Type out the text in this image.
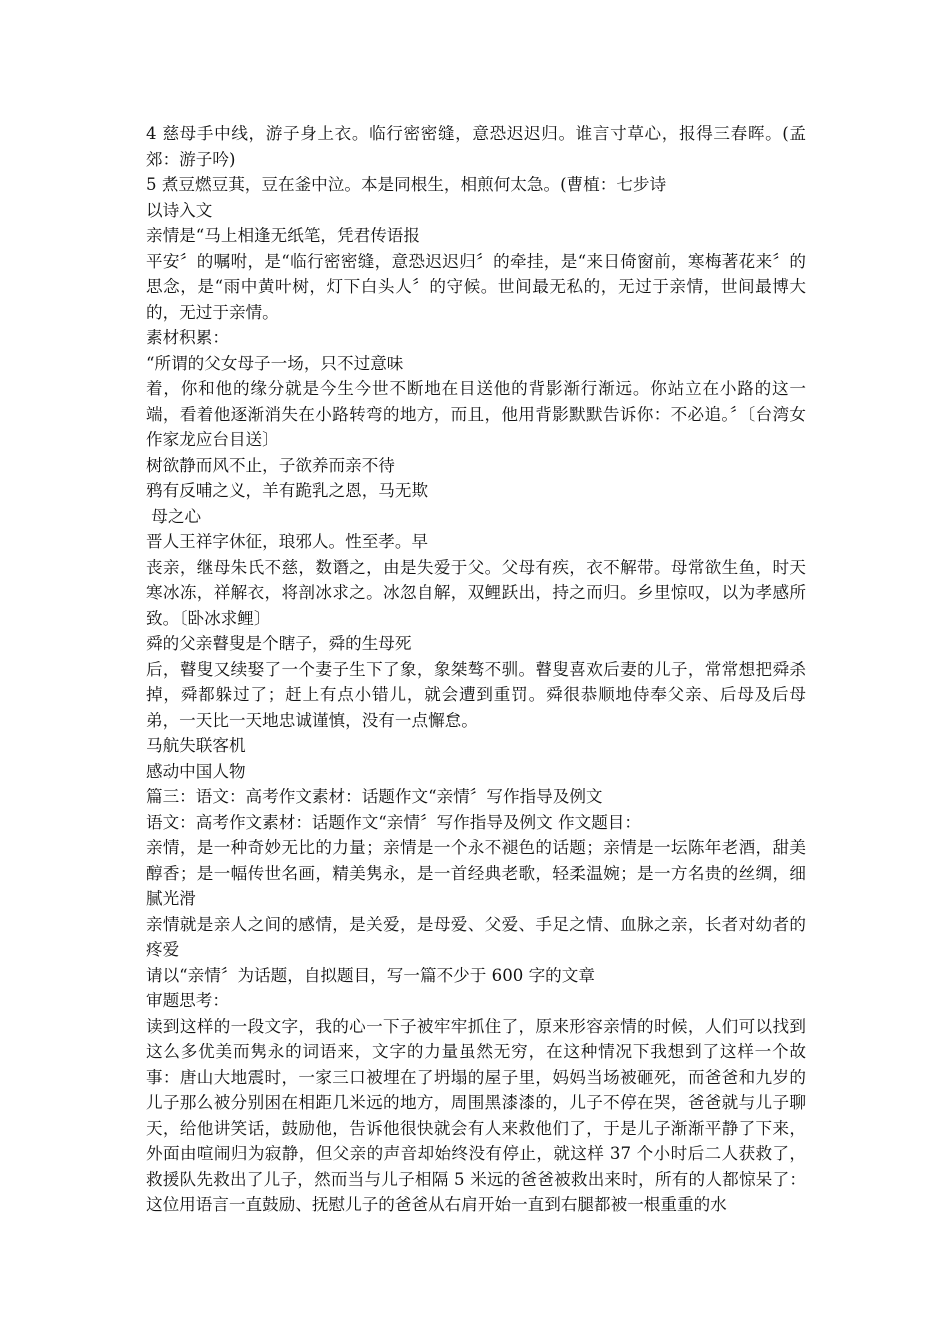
4 慈母手中线，游子身上衣。临行密密缝，意恐迟迟归。谁言寸草心，报得三春晖。(孟郊：游子吟)

5 煮豆燃豆萁，豆在釜中泣。本是同根生，相煎何太急。(曹植：七步诗

以诗入文

亲情是“马上相逢无纸笔，凭君传语报

平安〞的嘱咐，是“临行密密缝，意恐迟迟归〞的牵挂，是“来日倚窗前，寒梅著花来〞的思念，是“雨中黄叶树，灯下白头人〞的守候。世间最无私的，无过于亲情，世间最博大的，无过于亲情。

素材积累：

“所谓的父女母子一场，只不过意味

着，你和他的缘分就是今生今世不断地在目送他的背影渐行渐远。你站立在小路的这一端，看着他逐渐消失在小路转弯的地方，而且，他用背影默默告诉你：不必追。〞〔台湾女作家龙应台目送〕

树欲静而风不止，子欲养而亲不待

鸦有反哺之义，羊有跪乳之恩，马无欺

母之心

晋人王祥字休征，琅邪人。性至孝。早

丧亲，继母朱氏不慈，数谮之，由是失爱于父。父母有疾，衣不解带。母常欲生鱼，时天寒冰冻，祥解衣，将剖冰求之。冰忽自解，双鲤跃出，持之而归。乡里惊叹，以为孝感所致。〔卧冰求鲤〕

舜的父亲瞽叟是个瞎子，舜的生母死

后，瞽叟又续娶了一个妻子生下了象，象桀骜不驯。瞽叟喜欢后妻的儿子，常常想把舜杀掉，舜都躲过了；赶上有点小错儿，就会遭到重罚。舜很恭顺地侍奉父亲、后母及后母弟，一天比一天地忠诚谨慎，没有一点懈怠。

马航失联客机

感动中国人物

篇三：语文：高考作文素材：话题作文“亲情〞写作指导及例文

语文：高考作文素材：话题作文“亲情〞写作指导及例文 作文题目：

亲情，是一种奇妙无比的力量；亲情是一个永不褪色的话题；亲情是一坛陈年老酒，甜美醇香；是一幅传世名画，精美隽永，是一首经典老歌，轻柔温婉；是一方名贵的丝绸，细腻光滑

亲情就是亲人之间的感情，是关爱，是母爱、父爱、手足之情、血脉之亲，长者对幼者的疼爱

请以“亲情〞为话题，自拟题目，写一篇不少于 600 字的文章

审题思考：

读到这样的一段文字，我的心一下子被牢牢抓住了，原来形容亲情的时候，人们可以找到这么多优美而隽永的词语来，文字的力量虽然无穷，在这种情况下我想到了这样一个故事：唐山大地震时，一家三口被埋在了坍塌的屋子里，妈妈当场被砸死，而爸爸和九岁的儿子那么被分别困在相距几米远的地方，周围黑漆漆的，儿子不停在哭，爸爸就与儿子聊天，给他讲笑话，鼓励他，告诉他很快就会有人来救他们了，于是儿子渐渐平静了下来，外面由喧闹归为寂静，但父亲的声音却始终没有停止，就这样 37 个小时后二人获救了，救援队先救出了儿子，然而当与儿子相隔 5 米远的爸爸被救出来时，所有的人都惊呆了：这位用语言一直鼓励、抚慰儿子的爸爸从右肩开始一直到右腿都被一根重重的水
